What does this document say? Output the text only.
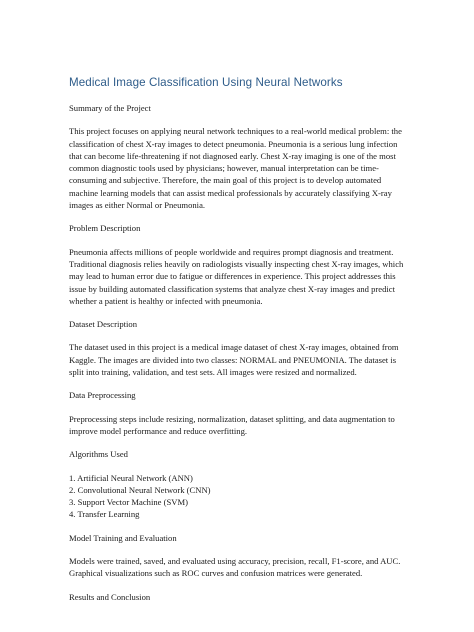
Medical Image Classification Using Neural Networks
Summary of the Project

This project focuses on applying neural network techniques to a real-world medical problem: the classification of chest X-ray images to detect pneumonia. Pneumonia is a serious lung infection that can become life-threatening if not diagnosed early. Chest X-ray imaging is one of the most common diagnostic tools used by physicians; however, manual interpretation can be time-consuming and subjective. Therefore, the main goal of this project is to develop automated machine learning models that can assist medical professionals by accurately classifying X-ray images as either Normal or Pneumonia.

Problem Description

Pneumonia affects millions of people worldwide and requires prompt diagnosis and treatment. Traditional diagnosis relies heavily on radiologists visually inspecting chest X-ray images, which may lead to human error due to fatigue or differences in experience. This project addresses this issue by building automated classification systems that analyze chest X-ray images and predict whether a patient is healthy or infected with pneumonia.

Dataset Description

The dataset used in this project is a medical image dataset of chest X-ray images, obtained from Kaggle. The images are divided into two classes: NORMAL and PNEUMONIA. The dataset is split into training, validation, and test sets. All images were resized and normalized.

Data Preprocessing

Preprocessing steps include resizing, normalization, dataset splitting, and data augmentation to improve model performance and reduce overfitting.

Algorithms Used
1. Artificial Neural Network (ANN)
2. Convolutional Neural Network (CNN)
3. Support Vector Machine (SVM)
4. Transfer Learning
Model Training and Evaluation

Models were trained, saved, and evaluated using accuracy, precision, recall, F1-score, and AUC. Graphical visualizations such as ROC curves and confusion matrices were generated.

Results and Conclusion
